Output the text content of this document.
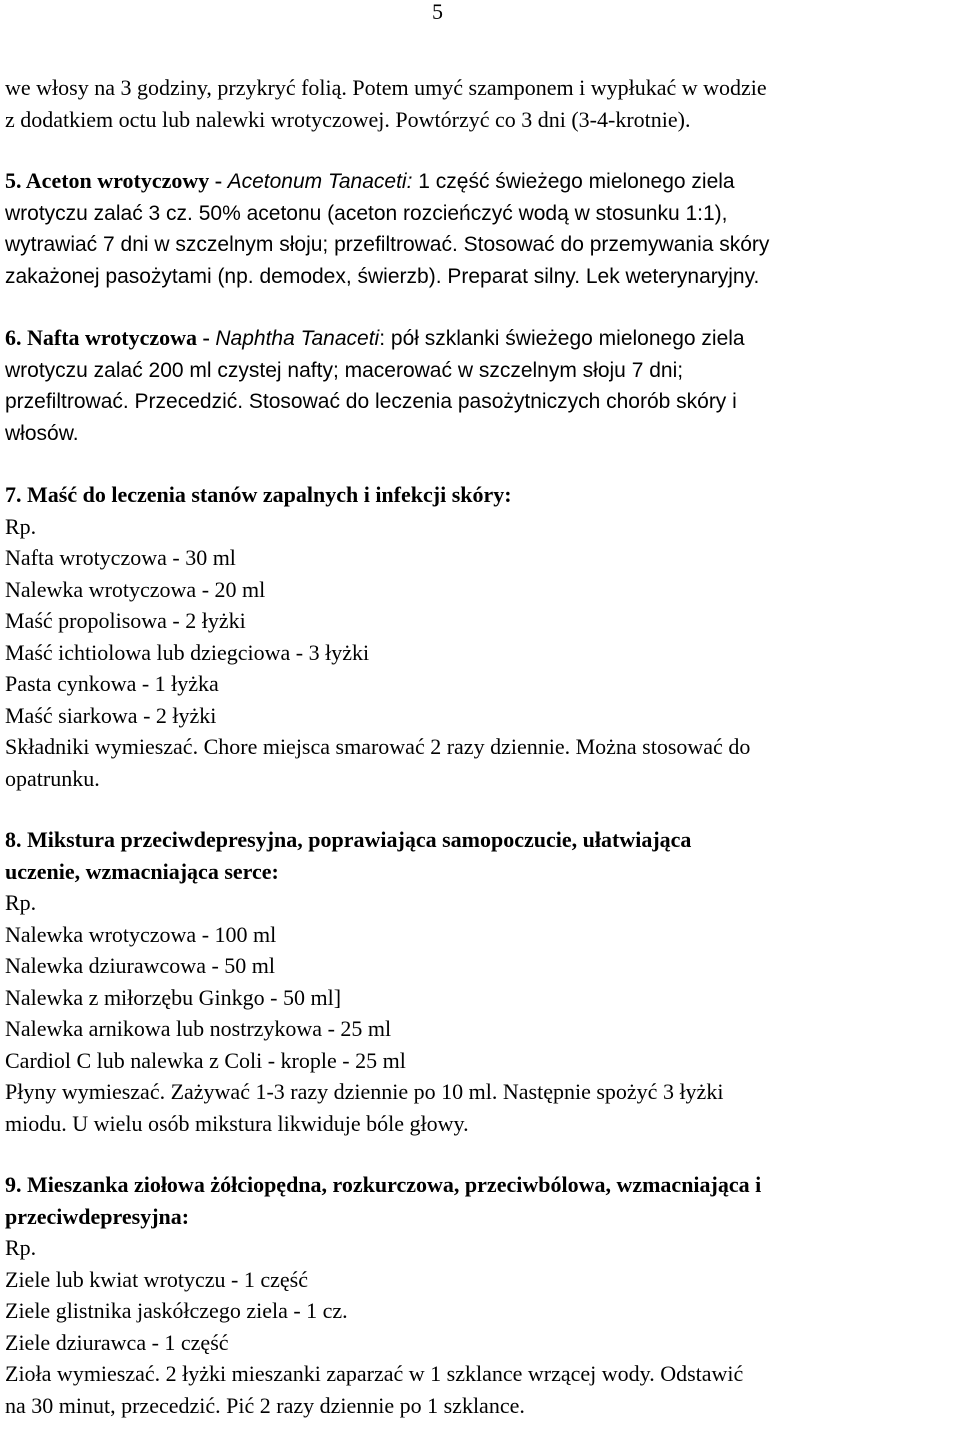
5
we włosy na 3 godziny, przykryć folią. Potem umyć szamponem i wypłukać w wodzie
z dodatkiem octu lub nalewki wrotyczowej. Powtórzyć co 3 dni (3-4-krotnie).
5. Aceton wrotyczowy - Acetonum Tanaceti: 1 część świeżego mielonego ziela
wrotyczu zalać 3 cz. 50% acetonu (aceton rozcieńczyć wodą w stosunku 1:1),
wytrawiać 7 dni w szczelnym słoju; przefiltrować. Stosować do przemywania skóry
zakażonej pasożytami (np. demodex, świerzb). Preparat silny. Lek weterynaryjny.
6. Nafta wrotyczowa - Naphtha Tanaceti: pół szklanki świeżego mielonego ziela
wrotyczu zalać 200 ml czystej nafty; macerować w szczelnym słoju 7 dni;
przefiltrować. Przecedzić. Stosować do leczenia pasożytniczych chorób skóry i
włosów.
7. Maść do leczenia stanów zapalnych i infekcji skóry:
Rp.
Nafta wrotyczowa - 30 ml
Nalewka wrotyczowa - 20 ml
Maść propolisowa - 2 łyżki
Maść ichtiolowa lub dziegciowa - 3 łyżki
Pasta cynkowa - 1 łyżka
Maść siarkowa - 2 łyżki
Składniki wymieszać. Chore miejsca smarować 2 razy dziennie. Można stosować do
opatrunku.
8. Mikstura przeciwdepresyjna, poprawiająca samopoczucie, ułatwiająca
uczenie, wzmacniająca serce:
Rp.
Nalewka wrotyczowa - 100 ml
Nalewka dziurawcowa - 50 ml
Nalewka z miłorzębu Ginkgo - 50 ml]
Nalewka arnikowa lub nostrzykowa - 25 ml
Cardiol C lub nalewka z Coli - krople - 25 ml
Płyny wymieszać. Zażywać 1-3 razy dziennie po 10 ml. Następnie spożyć 3 łyżki
miodu. U wielu osób mikstura likwiduje bóle głowy.
9. Mieszanka ziołowa żółciopędna, rozkurczowa, przeciwbólowa, wzmacniająca i
przeciwdepresyjna:
Rp.
Ziele lub kwiat wrotyczu - 1 część
Ziele glistnika jaskółczego ziela - 1 cz.
Ziele dziurawca - 1 część
Zioła wymieszać. 2 łyżki mieszanki zaparzać w 1 szklance wrzącej wody. Odstawić
na 30 minut, przecedzić. Pić 2 razy dziennie po 1 szklance.
